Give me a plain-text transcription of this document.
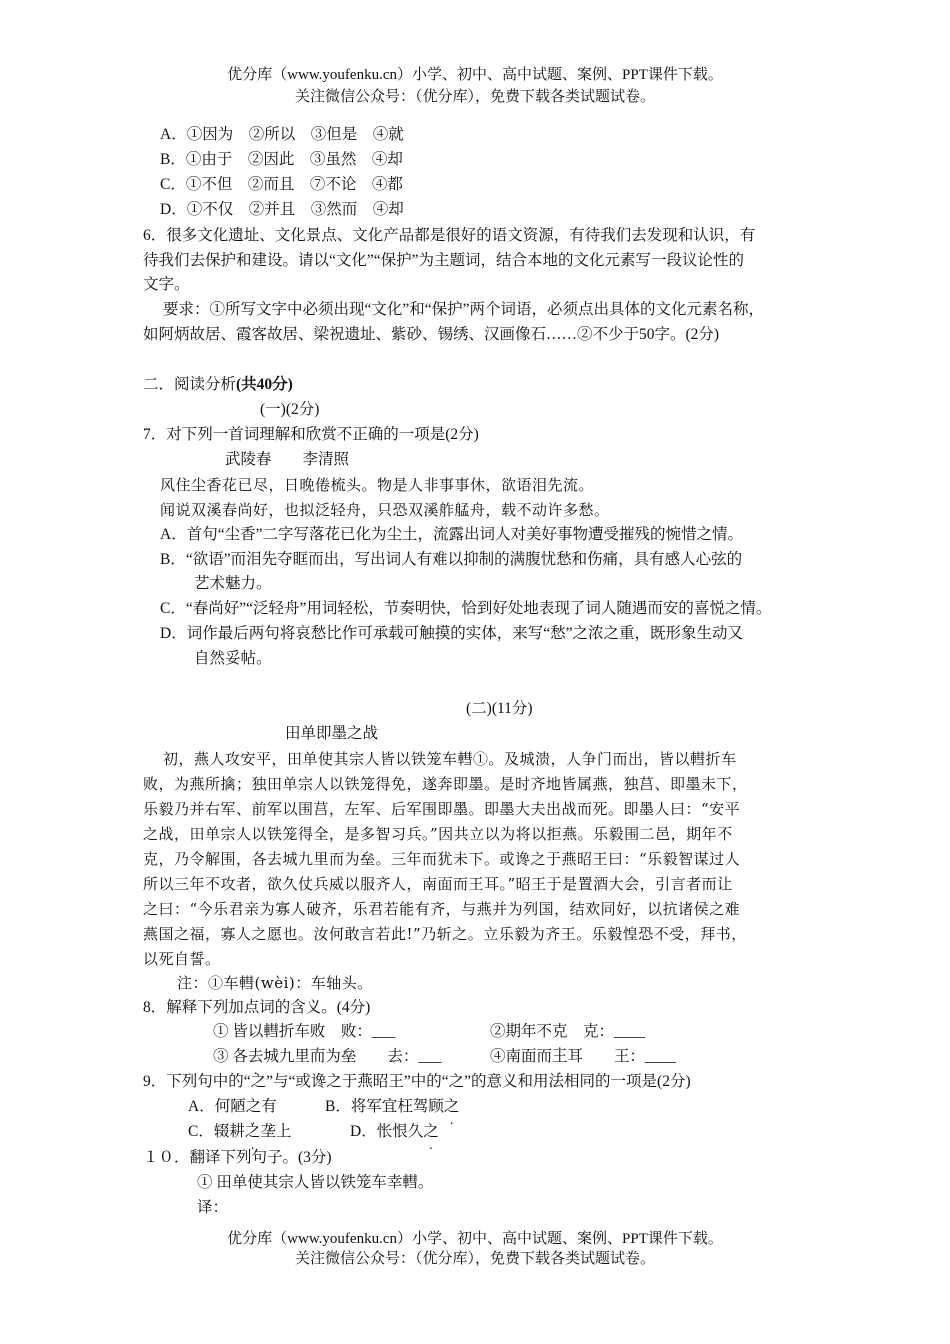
优分库（www.youfenku.cn）小学、初中、高中试题、案例、PPT课件下载。
关注微信公众号：（优分库），免费下载各类试题试卷。
A．①因为　②所以　③但是　④就
B．①由于　②因此　③虽然　④却
C．①不但　②而且　⑦不论　④都
D．①不仅　②并且　③然而　④却
6．很多文化遗址、文化景点、文化产品都是很好的语文资源，有待我们去发现和认识，有
待我们去保护和建设。请以“文化”“保护”为主题词，结合本地的文化元素写一段议论性的
文字。
要求：①所写文字中必须出现“文化”和“保护”两个词语，必须点出具体的文化元素名称，
如阿炳故居、霞客故居、梁祝遗址、紫砂、锡绣、汉画像石……②不少于50字。(2分)
二．阅读分析(共40分)
(一)(2分)
7．对下列一首词理解和欣赏不正确的一项是(2分)
武陵春　　李清照
风住尘香花已尽，日晚倦梳头。物是人非事事休，欲语泪先流。
闻说双溪春尚好，也拟泛轻舟，只恐双溪舴艋舟，载不动许多愁。
A．首句“尘香”二字写落花已化为尘土，流露出词人对美好事物遭受摧残的惋惜之情。
B．“欲语”而泪先夺眶而出，写出词人有难以抑制的满腹忧愁和伤痛，具有感人心弦的
艺术魅力。
C．“春尚好”“泛轻舟”用词轻松，节奏明快，恰到好处地表现了词人随遇而安的喜悦之情。
D．词作最后两句将哀愁比作可承载可触摸的实体，来写“愁”之浓之重，既形象生动又
自然妥帖。
(二)(11分)
田单即墨之战
初，燕人攻安平，田单使其宗人皆以铁笼车轊①。及城溃，人争门而出，皆以轊折车
败，为燕所擒；独田单宗人以铁笼得免，遂奔即墨。是时齐地皆属燕，独莒、即墨未下，
乐毅乃并右军、前军以围莒，左军、后军围即墨。即墨大夫出战而死。即墨人曰：“安平
之战，田单宗人以铁笼得全，是多智习兵。”因共立以为将以拒燕。乐毅围二邑，期年不
克，乃令解围，各去城九里而为垒。三年而犹未下。或谗之于燕昭王曰：“乐毅智谋过人
所以三年不攻者，欲久仗兵威以服齐人，南面而王耳。”昭王于是置酒大会，引言者而让
之曰：“今乐君亲为寡人破齐，乐君若能有齐，与燕并为列国，结欢同好，以抗诸侯之难
燕国之福，寡人之愿也。汝何敢言若此!”乃斩之。立乐毅为齐王。乐毅惶恐不受，拜书，
以死自誓。
注：①车轊(wèi)：车轴头。
8．解释下列加点词的含义。(4分)
① 皆以轊折车败　败：___	②期年不克　克：____
③ 各去城九里而为垒　　去：___	④南面而王耳　　王：____
9．下列句中的“之”与“或谗之于燕昭王”中的“之”的意义和用法相同的一项是(2分)
A．何陋之有	B．将军宜枉驾顾之
C．辍耕之垄上	D．怅恨久之
１０．翻译下列句子。(3分)
① 田单使其宗人皆以铁笼车幸轊。
译：
优分库（www.youfenku.cn）小学、初中、高中试题、案例、PPT课件下载。
关注微信公众号：（优分库），免费下载各类试题试卷。
